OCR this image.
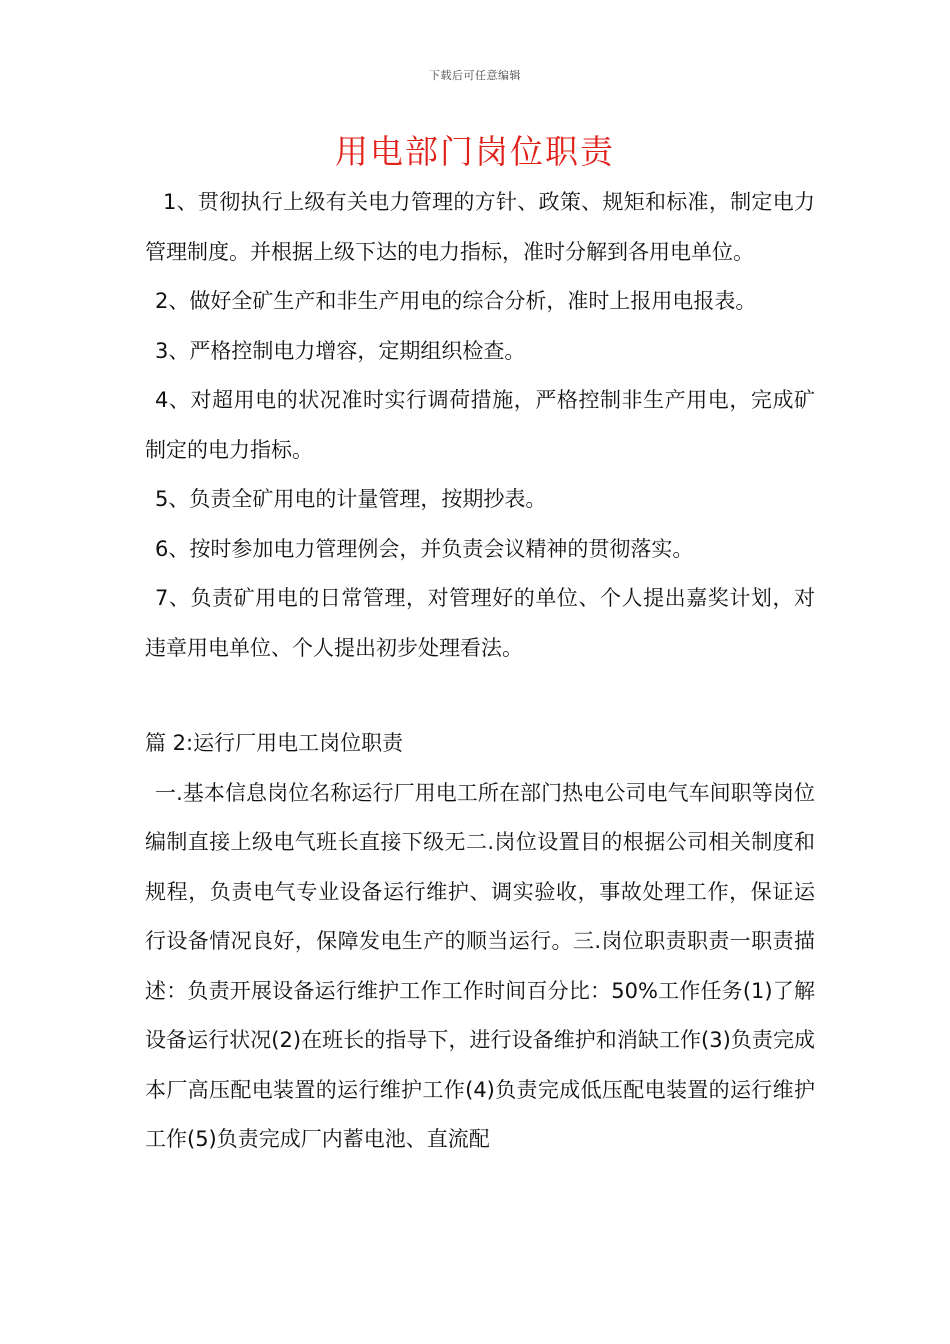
下载后可任意编辑
用电部门岗位职责

1、贯彻执行上级有关电力管理的方针、政策、规矩和标准，制定电力管理制度。并根据上级下达的电力指标，准时分解到各用电单位。

2、做好全矿生产和非生产用电的综合分析，准时上报用电报表。

3、严格控制电力增容，定期组织检查。

4、对超用电的状况准时实行调荷措施，严格控制非生产用电，完成矿制定的电力指标。

5、负责全矿用电的计量管理，按期抄表。

6、按时参加电力管理例会，并负责会议精神的贯彻落实。

7、负责矿用电的日常管理，对管理好的单位、个人提出嘉奖计划，对违章用电单位、个人提出初步处理看法。

篇 2:运行厂用电工岗位职责

一.基本信息岗位名称运行厂用电工所在部门热电公司电气车间职等岗位编制直接上级电气班长直接下级无二.岗位设置目的根据公司相关制度和规程，负责电气专业设备运行维护、调实验收，事故处理工作，保证运行设备情况良好，保障发电生产的顺当运行。三.岗位职责职责一职责描述：负责开展设备运行维护工作工作时间百分比：50%工作任务(1)了解设备运行状况(2)在班长的指导下，进行设备维护和消缺工作(3)负责完成本厂高压配电装置的运行维护工作(4)负责完成低压配电装置的运行维护工作(5)负责完成厂内蓄电池、直流配
